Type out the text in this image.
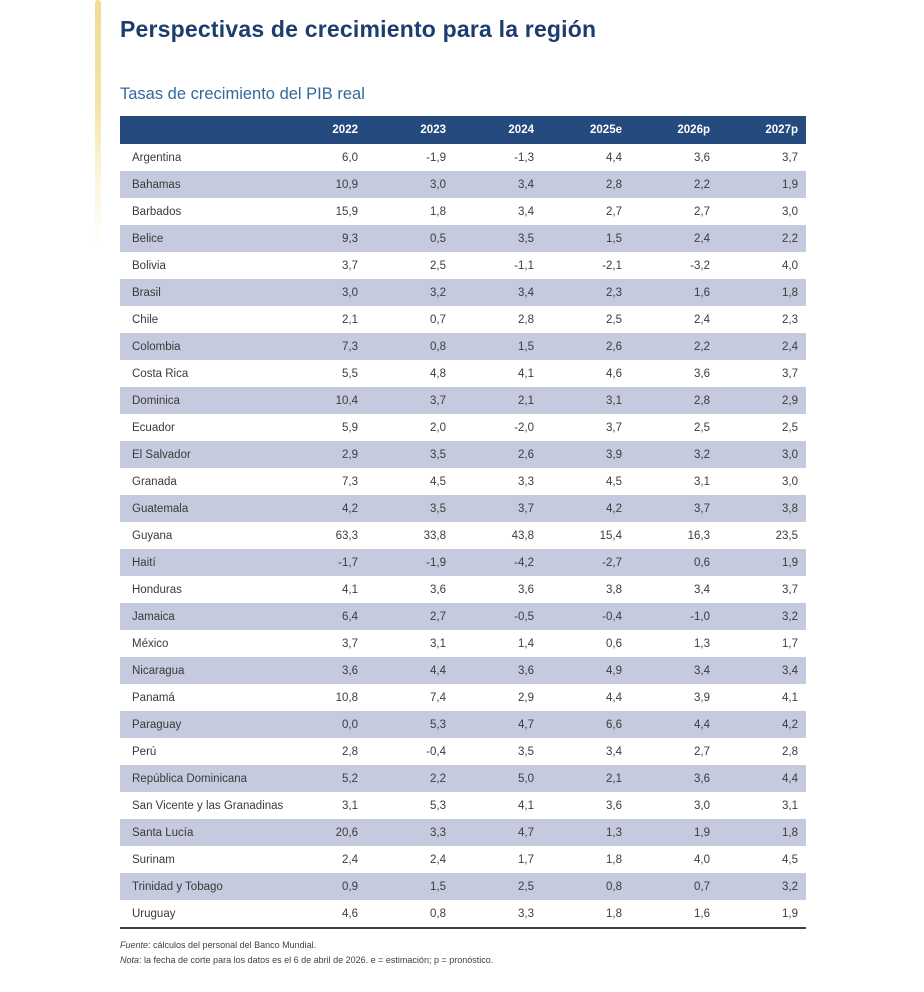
Perspectivas de crecimiento para la región
Tasas de crecimiento del PIB real
	2022	2023	2024	2025e	2026p	2027p
Argentina	6,0	-1,9	-1,3	4,4	3,6	3,7
Bahamas	10,9	3,0	3,4	2,8	2,2	1,9
Barbados	15,9	1,8	3,4	2,7	2,7	3,0
Belice	9,3	0,5	3,5	1,5	2,4	2,2
Bolivia	3,7	2,5	-1,1	-2,1	-3,2	4,0
Brasil	3,0	3,2	3,4	2,3	1,6	1,8
Chile	2,1	0,7	2,8	2,5	2,4	2,3
Colombia	7,3	0,8	1,5	2,6	2,2	2,4
Costa Rica	5,5	4,8	4,1	4,6	3,6	3,7
Dominica	10,4	3,7	2,1	3,1	2,8	2,9
Ecuador	5,9	2,0	-2,0	3,7	2,5	2,5
El Salvador	2,9	3,5	2,6	3,9	3,2	3,0
Granada	7,3	4,5	3,3	4,5	3,1	3,0
Guatemala	4,2	3,5	3,7	4,2	3,7	3,8
Guyana	63,3	33,8	43,8	15,4	16,3	23,5
Haití	-1,7	-1,9	-4,2	-2,7	0,6	1,9
Honduras	4,1	3,6	3,6	3,8	3,4	3,7
Jamaica	6,4	2,7	-0,5	-0,4	-1,0	3,2
México	3,7	3,1	1,4	0,6	1,3	1,7
Nicaragua	3,6	4,4	3,6	4,9	3,4	3,4
Panamá	10,8	7,4	2,9	4,4	3,9	4,1
Paraguay	0,0	5,3	4,7	6,6	4,4	4,2
Perú	2,8	-0,4	3,5	3,4	2,7	2,8
República Dominicana	5,2	2,2	5,0	2,1	3,6	4,4
San Vicente y las Granadinas	3,1	5,3	4,1	3,6	3,0	3,1
Santa Lucía	20,6	3,3	4,7	1,3	1,9	1,8
Surinam	2,4	2,4	1,7	1,8	4,0	4,5
Trinidad y Tobago	0,9	1,5	2,5	0,8	0,7	3,2
Uruguay	4,6	0,8	3,3	1,8	1,6	1,9

Fuente: cálculos del personal del Banco Mundial.

Nota: la fecha de corte para los datos es el 6 de abril de 2026. e = estimación; p = pronóstico.
